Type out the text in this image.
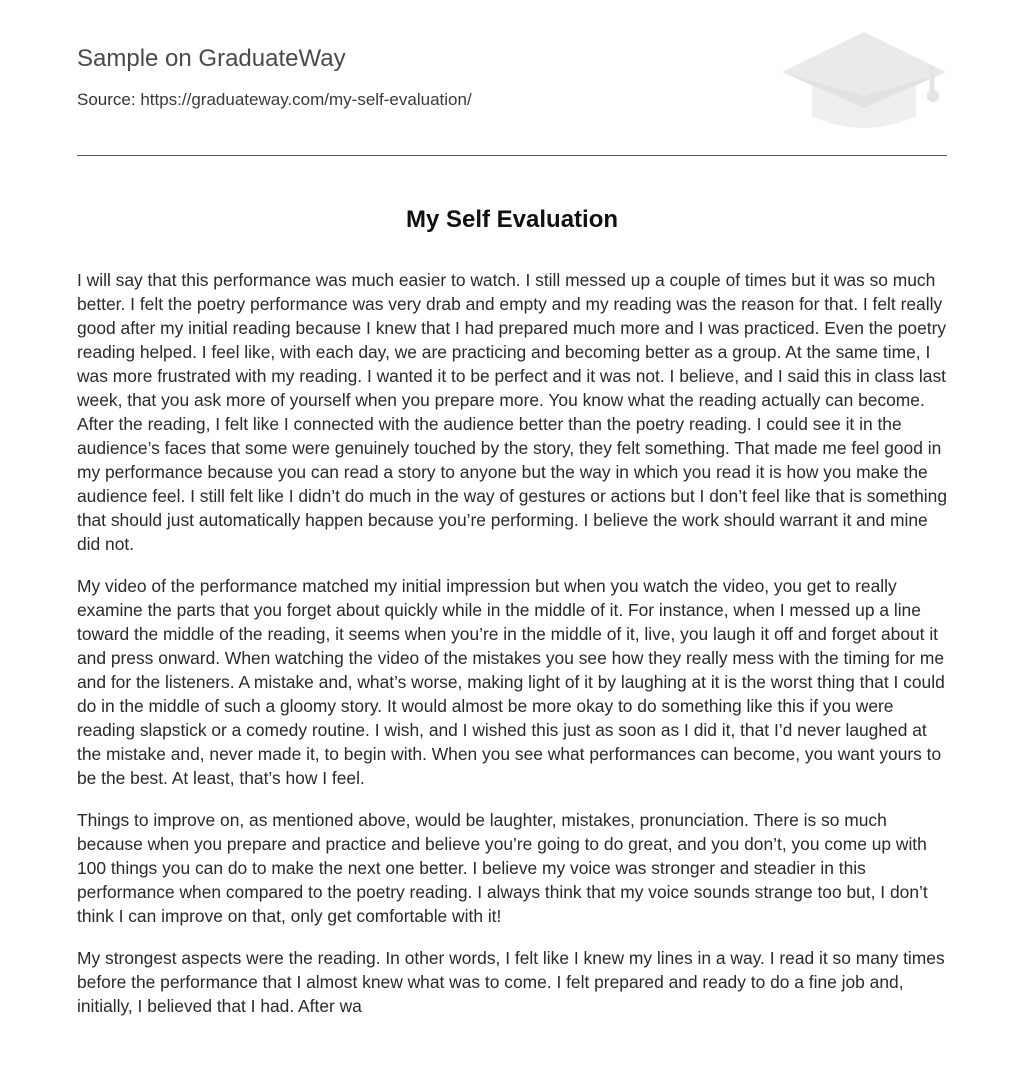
Sample on GraduateWay
Source: https://graduateway.com/my-self-evaluation/
My Self Evaluation

I will say that this performance was much easier to watch. I still messed up a couple of times but it was so much better. I felt the poetry performance was very drab and empty and my reading was the reason for that. I felt really good after my initial reading because I knew that I had prepared much more and I was practiced. Even the poetry reading helped. I feel like, with each day, we are practicing and becoming better as a group. At the same time, I was more frustrated with my reading. I wanted it to be perfect and it was not. I believe, and I said this in class last week, that you ask more of yourself when you prepare more. You know what the reading actually can become. After the reading, I felt like I connected with the audience better than the poetry reading. I could see it in the audience’s faces that some were genuinely touched by the story, they felt something. That made me feel good in my performance because you can read a story to anyone but the way in which you read it is how you make the audience feel. I still felt like I didn’t do much in the way of gestures or actions but I don’t feel like that is something that should just automatically happen because you’re performing. I believe the work should warrant it and mine did not.

My video of the performance matched my initial impression but when you watch the video, you get to really examine the parts that you forget about quickly while in the middle of it. For instance, when I messed up a line toward the middle of the reading, it seems when you’re in the middle of it, live, you laugh it off and forget about it and press onward. When watching the video of the mistakes you see how they really mess with the timing for me and for the listeners. A mistake and, what’s worse, making light of it by laughing at it is the worst thing that I could do in the middle of such a gloomy story. It would almost be more okay to do something like this if you were reading slapstick or a comedy routine. I wish, and I wished this just as soon as I did it, that I’d never laughed at the mistake and, never made it, to begin with. When you see what performances can become, you want yours to be the best. At least, that’s how I feel.

Things to improve on, as mentioned above, would be laughter, mistakes, pronunciation. There is so much because when you prepare and practice and believe you’re going to do great, and you don’t, you come up with 100 things you can do to make the next one better. I believe my voice was stronger and steadier in this performance when compared to the poetry reading. I always think that my voice sounds strange too but, I don’t think I can improve on that, only get comfortable with it!

My strongest aspects were the reading. In other words, I felt like I knew my lines in a way. I read it so many times before the performance that I almost knew what was to come. I felt prepared and ready to do a fine job and, initially, I believed that I had. After wa
